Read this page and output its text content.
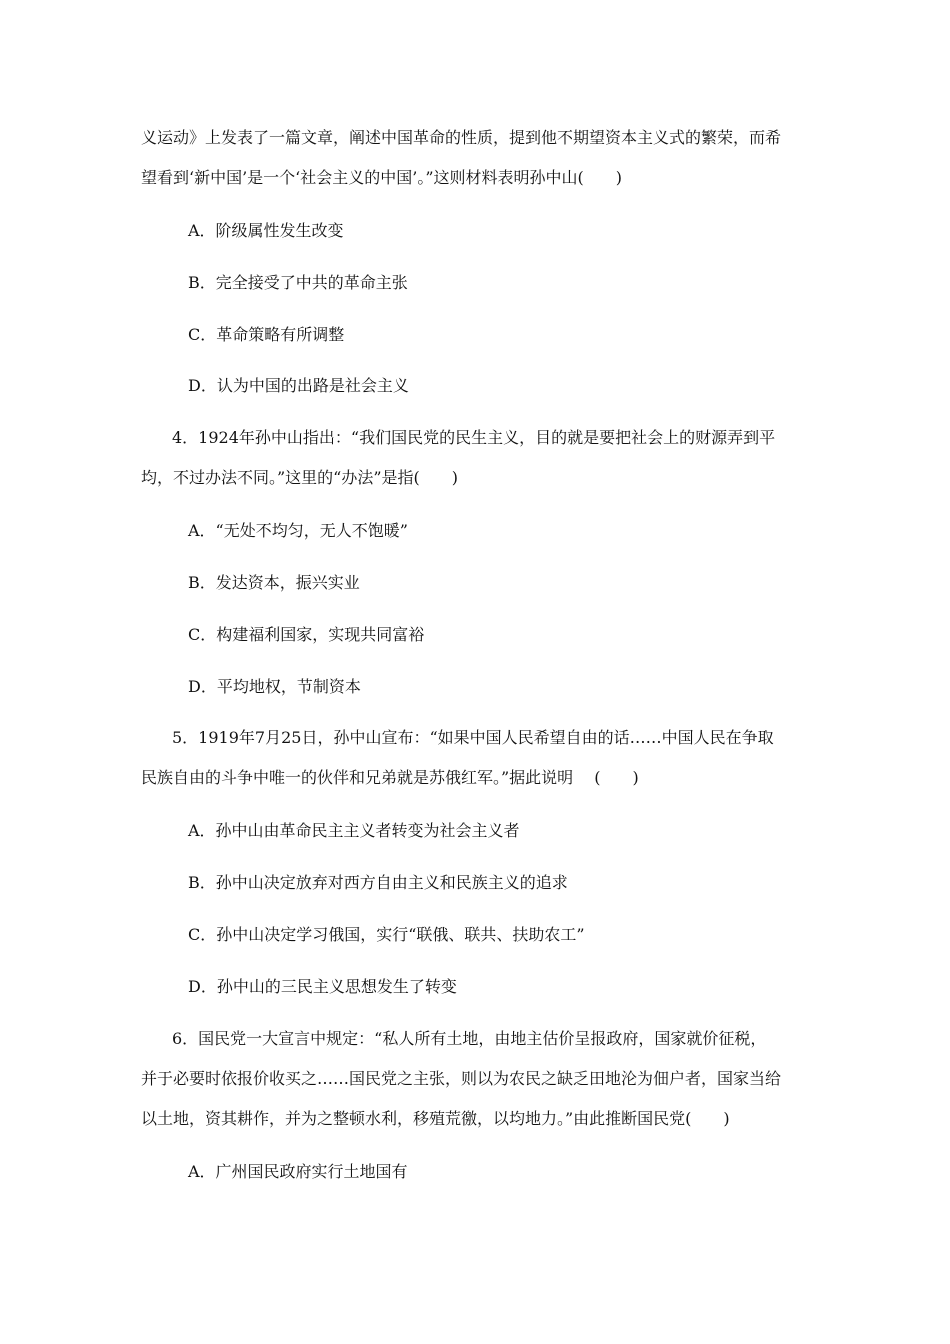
义运动》上发表了一篇文章，阐述中国革命的性质，提到他不期望资本主义式的繁荣，而希
望看到‘新中国’是一个‘社会主义的中国’。”这则材料表明孙中山(　　)
A．阶级属性发生改变
B．完全接受了中共的革命主张
C．革命策略有所调整
D．认为中国的出路是社会主义
4．1924年孙中山指出：“我们国民党的民生主义，目的就是要把社会上的财源弄到平
均，不过办法不同。”这里的“办法”是指(　　)
A．“无处不均匀，无人不饱暖”
B．发达资本，振兴实业
C．构建福利国家，实现共同富裕
D．平均地权，节制资本
5．1919年7月25日，孙中山宣布：“如果中国人民希望自由的话……中国人民在争取
民族自由的斗争中唯一的伙伴和兄弟就是苏俄红军。”据此说明　 (　　)
A．孙中山由革命民主主义者转变为社会主义者
B．孙中山决定放弃对西方自由主义和民族主义的追求
C．孙中山决定学习俄国，实行“联俄、联共、扶助农工”
D．孙中山的三民主义思想发生了转变
6．国民党一大宣言中规定：“私人所有土地，由地主估价呈报政府，国家就价征税，
并于必要时依报价收买之……国民党之主张，则以为农民之缺乏田地沦为佃户者，国家当给
以土地，资其耕作，并为之整顿水利，移殖荒徼，以均地力。”由此推断国民党(　　)
A．广州国民政府实行土地国有
